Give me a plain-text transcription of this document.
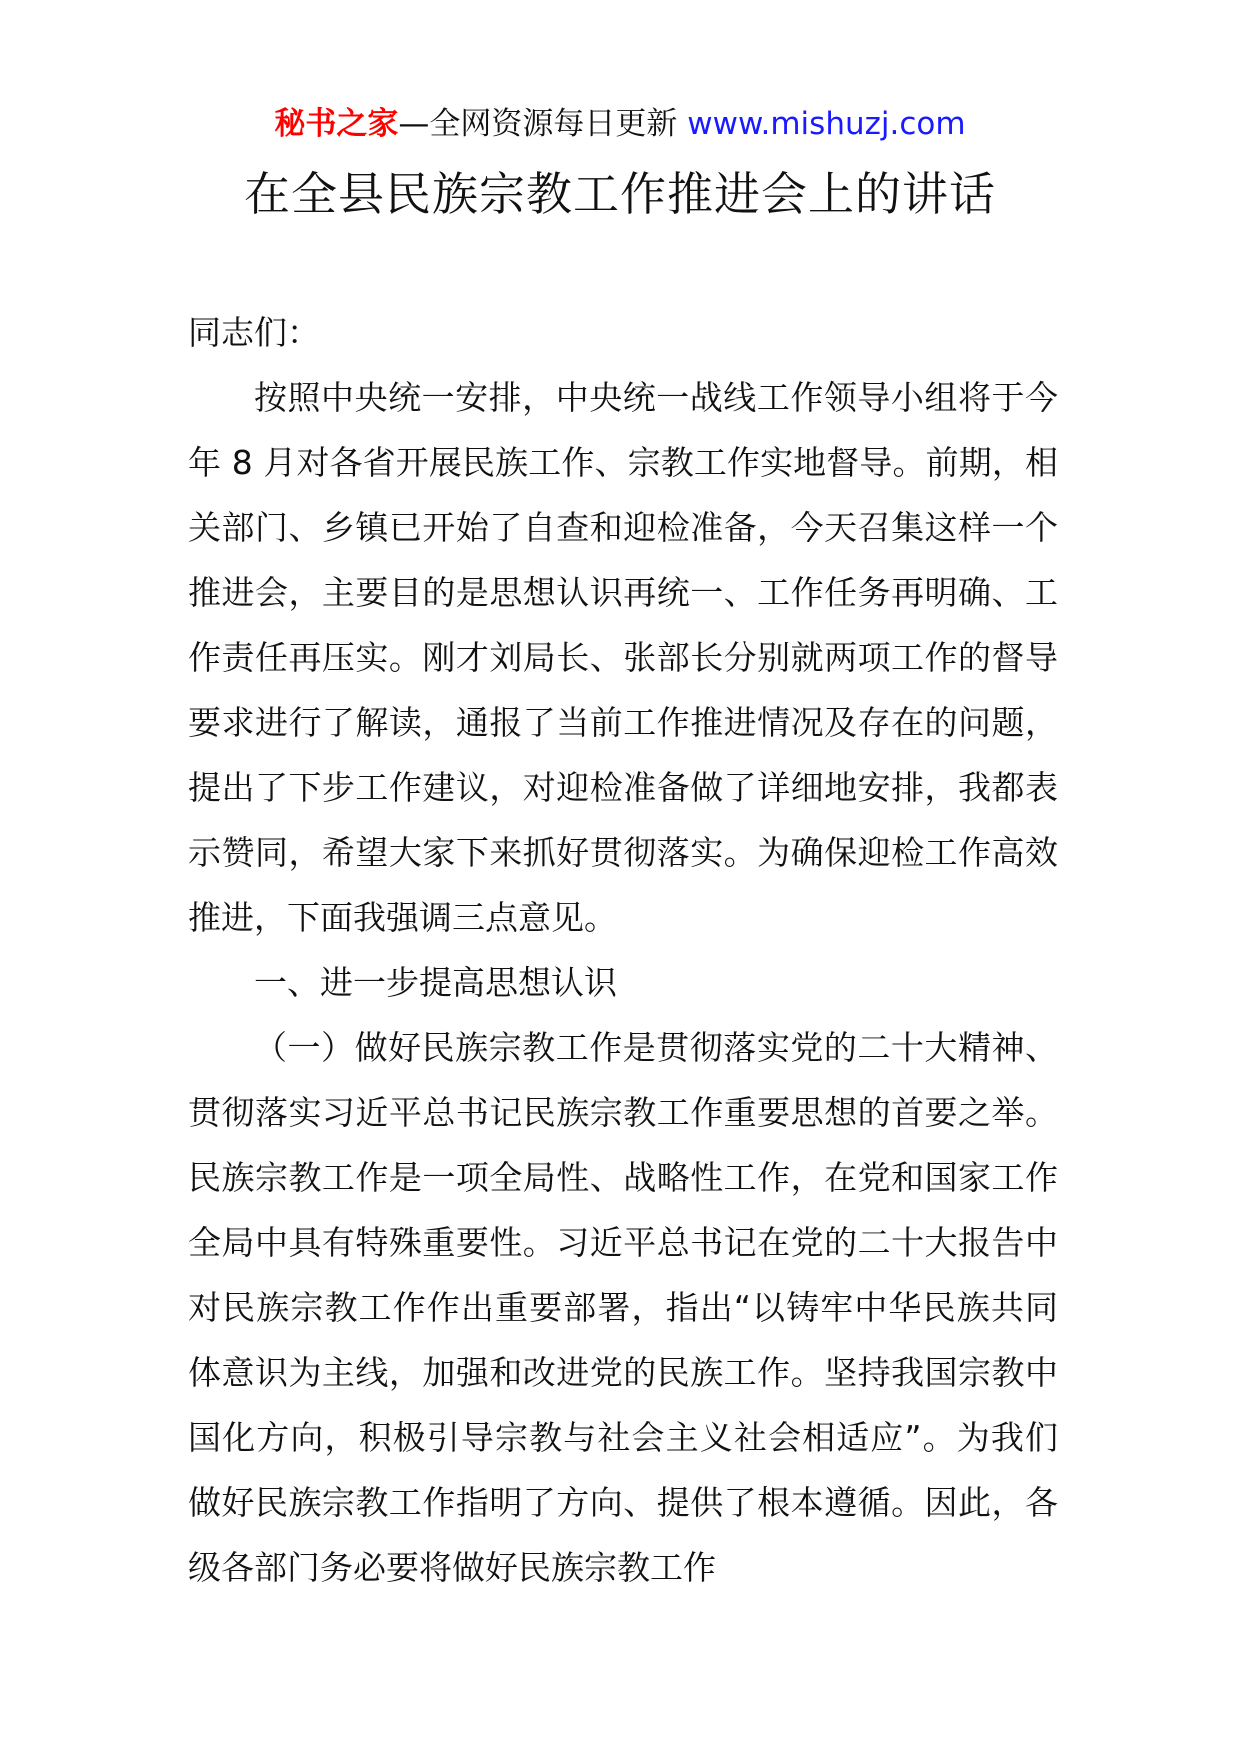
秘书之家—全网资源每日更新 www.mishuzj.com
在全县民族宗教工作推进会上的讲话

同志们：

按照中央统一安排，中央统一战线工作领导小组将于今年 8 月对各省开展民族工作、宗教工作实地督导。前期，相关部门、乡镇已开始了自查和迎检准备，今天召集这样一个推进会，主要目的是思想认识再统一、工作任务再明确、工作责任再压实。刚才刘局长、张部长分别就两项工作的督导要求进行了解读，通报了当前工作推进情况及存在的问题，提出了下步工作建议，对迎检准备做了详细地安排，我都表示赞同，希望大家下来抓好贯彻落实。为确保迎检工作高效推进，下面我强调三点意见。

一、进一步提高思想认识

（一）做好民族宗教工作是贯彻落实党的二十大精神、贯彻落实习近平总书记民族宗教工作重要思想的首要之举。民族宗教工作是一项全局性、战略性工作，在党和国家工作全局中具有特殊重要性。习近平总书记在党的二十大报告中对民族宗教工作作出重要部署，指出“以铸牢中华民族共同体意识为主线，加强和改进党的民族工作。坚持我国宗教中国化方向，积极引导宗教与社会主义社会相适应”。为我们做好民族宗教工作指明了方向、提供了根本遵循。因此，各级各部门务必要将做好民族宗教工作
